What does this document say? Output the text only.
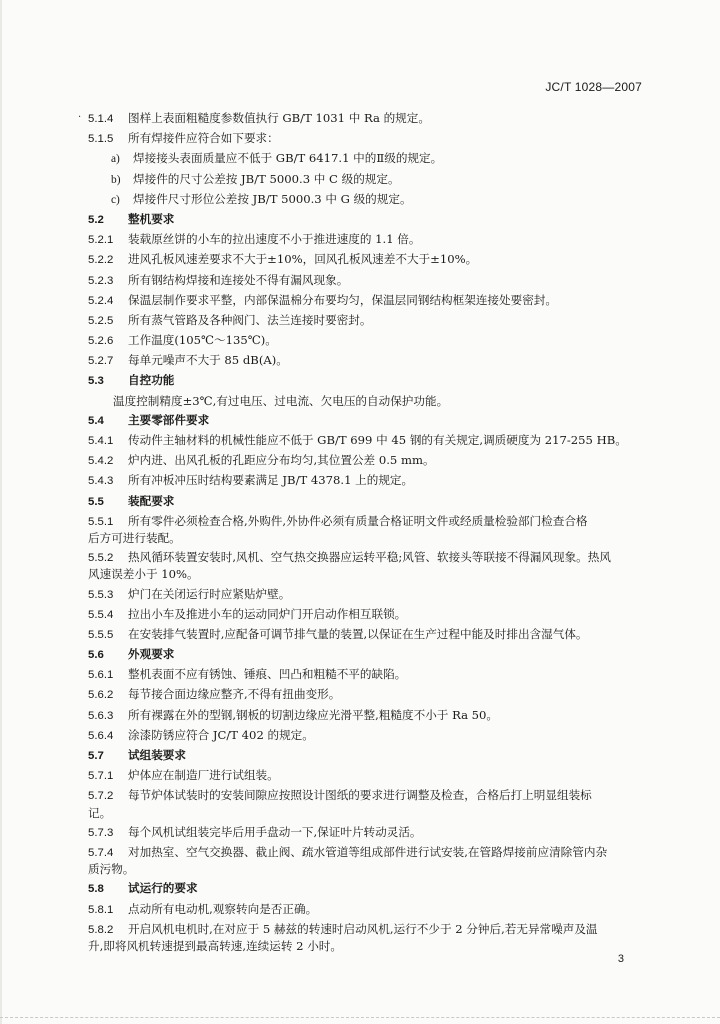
JC/T 1028—2007
· 5.1.4 图样上表面粗糙度参数值执行 GB/T 1031 中 Ra 的规定。
5.1.5 所有焊接件应符合如下要求：
a) 焊接接头表面质量应不低于 GB/T 6417.1 中的Ⅱ级的规定。
b) 焊接件的尺寸公差按 JB/T 5000.3 中 C 级的规定。
c) 焊接件尺寸形位公差按 JB/T 5000.3 中 G 级的规定。
5.2 整机要求
5.2.1 装载原丝饼的小车的拉出速度不小于推进速度的 1.1 倍。
5.2.2 进风孔板风速差要求不大于±10%，回风孔板风速差不大于±10%。
5.2.3 所有钢结构焊接和连接处不得有漏风现象。
5.2.4 保温层制作要求平整，内部保温棉分布要均匀，保温层同钢结构框架连接处要密封。
5.2.5 所有蒸气管路及各种阀门、法兰连接时要密封。
5.2.6 工作温度(105℃～135℃)。
5.2.7 每单元噪声不大于 85 dB(A)。
5.3 自控功能
温度控制精度±3℃,有过电压、过电流、欠电压的自动保护功能。
5.4 主要零部件要求
5.4.1 传动件主轴材料的机械性能应不低于 GB/T 699 中 45 钢的有关规定,调质硬度为 217-255 HB。
5.4.2 炉内进、出风孔板的孔距应分布均匀,其位置公差 0.5 mm。
5.4.3 所有冲板冲压时结构要素满足 JB/T 4378.1 上的规定。
5.5 装配要求
5.5.1 所有零件必须检查合格,外购件,外协件必须有质量合格证明文件或经质量检验部门检查合格
后方可进行装配。
5.5.2 热风循环装置安装时,风机、空气热交换器应运转平稳;风管、软接头等联接不得漏风现象。热风
风速误差小于 10%。
5.5.3 炉门在关闭运行时应紧贴炉壁。
5.5.4 拉出小车及推进小车的运动同炉门开启动作相互联锁。
5.5.5 在安装排气装置时,应配备可调节排气量的装置,以保证在生产过程中能及时排出含湿气体。
5.6 外观要求
5.6.1 整机表面不应有锈蚀、锤痕、凹凸和粗糙不平的缺陷。
5.6.2 每节接合面边缘应整齐,不得有扭曲变形。
5.6.3 所有裸露在外的型钢,钢板的切割边缘应光滑平整,粗糙度不小于 Ra 50。
5.6.4 涂漆防锈应符合 JC/T 402 的规定。
5.7 试组装要求
5.7.1 炉体应在制造厂进行试组装。
5.7.2 每节炉体试装时的安装间隙应按照设计图纸的要求进行调整及检查，合格后打上明显组装标
记。
5.7.3 每个风机试组装完毕后用手盘动一下,保证叶片转动灵活。
5.7.4 对加热室、空气交换器、截止阀、疏水管道等组成部件进行试安装,在管路焊接前应清除管内杂
质污物。
5.8 试运行的要求
5.8.1 点动所有电动机,观察转向是否正确。
5.8.2 开启风机电机时,在对应于 5 赫兹的转速时启动风机,运行不少于 2 分钟后,若无异常噪声及温
升,即将风机转速提到最高转速,连续运转 2 小时。
3
